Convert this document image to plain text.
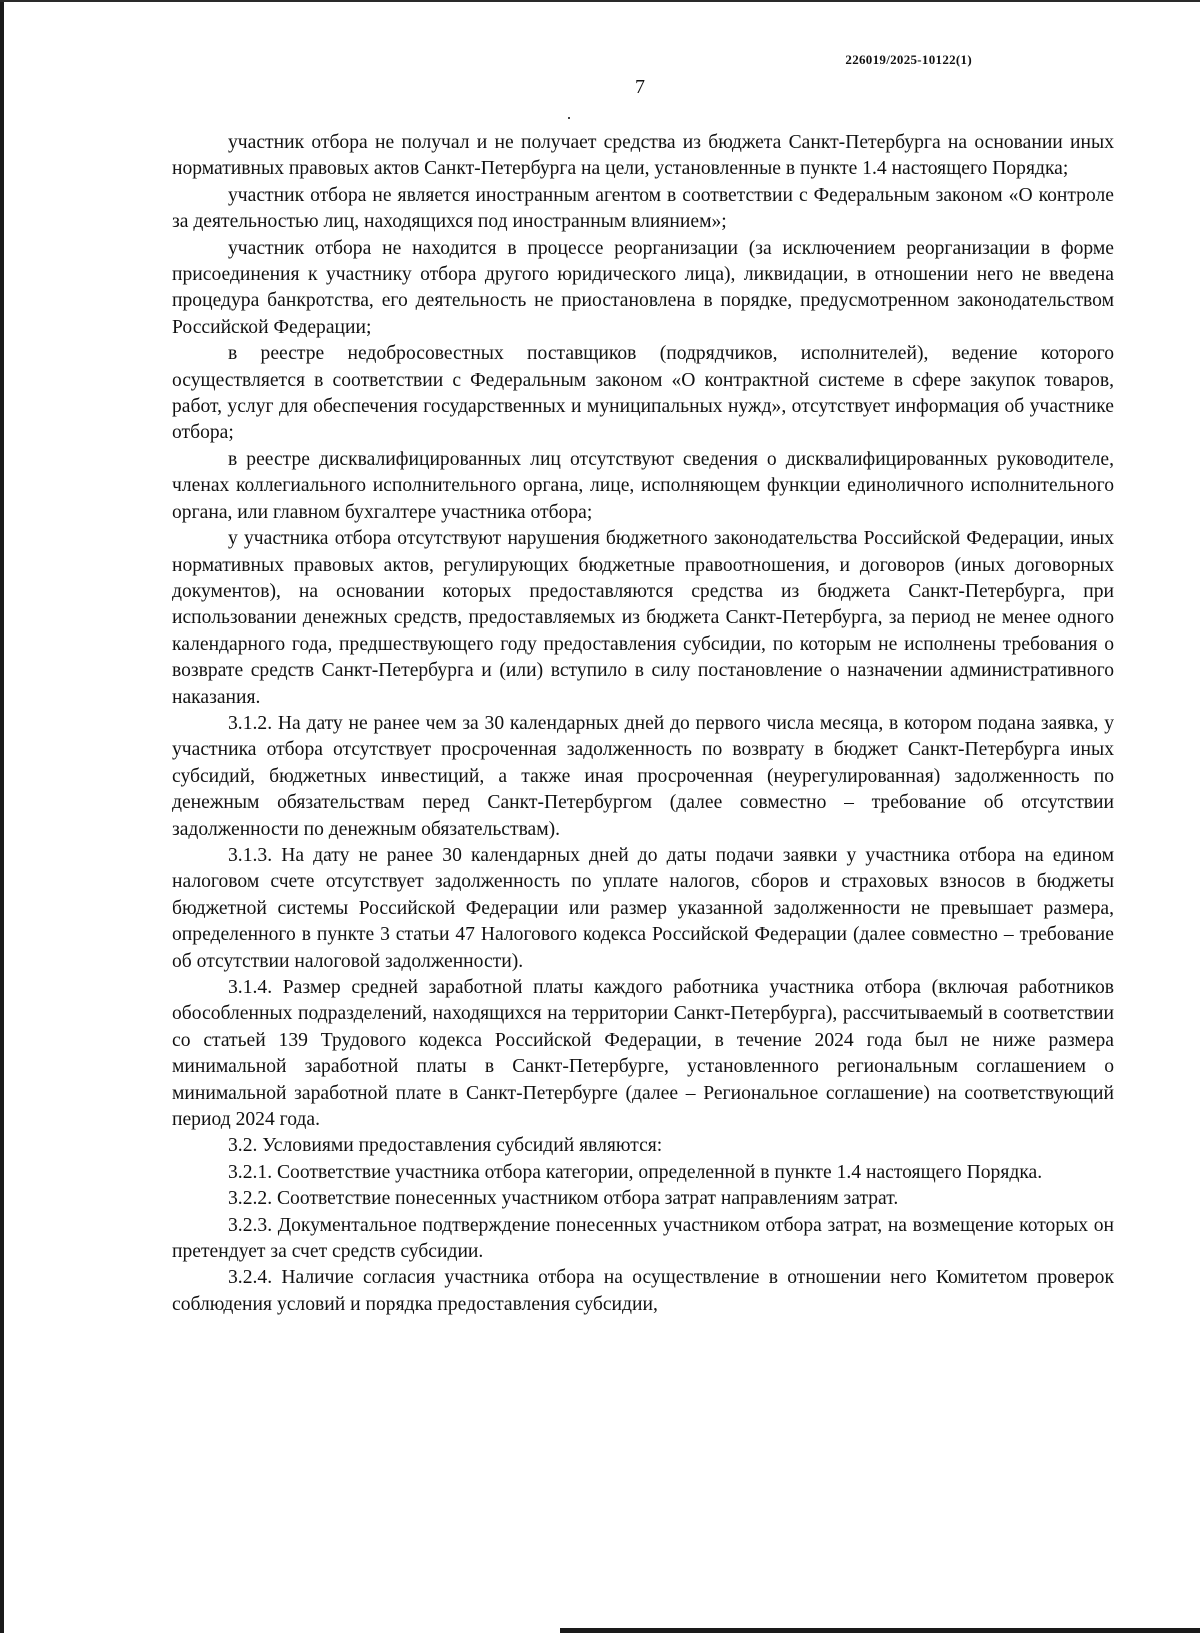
226019/2025-10122(1)
7

участник отбора не получал и не получает средства из бюджета Санкт-Петербурга на основании иных нормативных правовых актов Санкт-Петербурга на цели, установленные в пункте 1.4 настоящего Порядка;

участник отбора не является иностранным агентом в соответствии с Федеральным законом «О контроле за деятельностью лиц, находящихся под иностранным влиянием»;

участник отбора не находится в процессе реорганизации (за исключением реорганизации в форме присоединения к участнику отбора другого юридического лица), ликвидации, в отношении него не введена процедура банкротства, его деятельность не приостановлена в порядке, предусмотренном законодательством Российской Федерации;

в реестре недобросовестных поставщиков (подрядчиков, исполнителей), ведение которого осуществляется в соответствии с Федеральным законом «О контрактной системе в сфере закупок товаров, работ, услуг для обеспечения государственных и муниципальных нужд», отсутствует информация об участнике отбора;

в реестре дисквалифицированных лиц отсутствуют сведения о дисквалифицированных руководителе, членах коллегиального исполнительного органа, лице, исполняющем функции единоличного исполнительного органа, или главном бухгалтере участника отбора;

у участника отбора отсутствуют нарушения бюджетного законодательства Российской Федерации, иных нормативных правовых актов, регулирующих бюджетные правоотношения, и договоров (иных договорных документов), на основании которых предоставляются средства из бюджета Санкт-Петербурга, при использовании денежных средств, предоставляемых из бюджета Санкт-Петербурга, за период не менее одного календарного года, предшествующего году предоставления субсидии, по которым не исполнены требования о возврате средств Санкт-Петербурга и (или) вступило в силу постановление о назначении административного наказания.

3.1.2. На дату не ранее чем за 30 календарных дней до первого числа месяца, в котором подана заявка, у участника отбора отсутствует просроченная задолженность по возврату в бюджет Санкт-Петербурга иных субсидий, бюджетных инвестиций, а также иная просроченная (неурегулированная) задолженность по денежным обязательствам перед Санкт-Петербургом (далее совместно – требование об отсутствии задолженности по денежным обязательствам).

3.1.3. На дату не ранее 30 календарных дней до даты подачи заявки у участника отбора на едином налоговом счете отсутствует задолженность по уплате налогов, сборов и страховых взносов в бюджеты бюджетной системы Российской Федерации или размер указанной задолженности не превышает размера, определенного в пункте 3 статьи 47 Налогового кодекса Российской Федерации (далее совместно – требование об отсутствии налоговой задолженности).

3.1.4. Размер средней заработной платы каждого работника участника отбора (включая работников обособленных подразделений, находящихся на территории Санкт-Петербурга), рассчитываемый в соответствии со статьей 139 Трудового кодекса Российской Федерации, в течение 2024 года был не ниже размера минимальной заработной платы в Санкт-Петербурге, установленного региональным соглашением о минимальной заработной плате в Санкт-Петербурге (далее – Региональное соглашение) на соответствующий период 2024 года.

3.2. Условиями предоставления субсидий являются:

3.2.1. Соответствие участника отбора категории, определенной в пункте 1.4 настоящего Порядка.

3.2.2. Соответствие понесенных участником отбора затрат направлениям затрат.

3.2.3. Документальное подтверждение понесенных участником отбора затрат, на возмещение которых он претендует за счет средств субсидии.

3.2.4. Наличие согласия участника отбора на осуществление в отношении него Комитетом проверок соблюдения условий и порядка предоставления субсидии,
